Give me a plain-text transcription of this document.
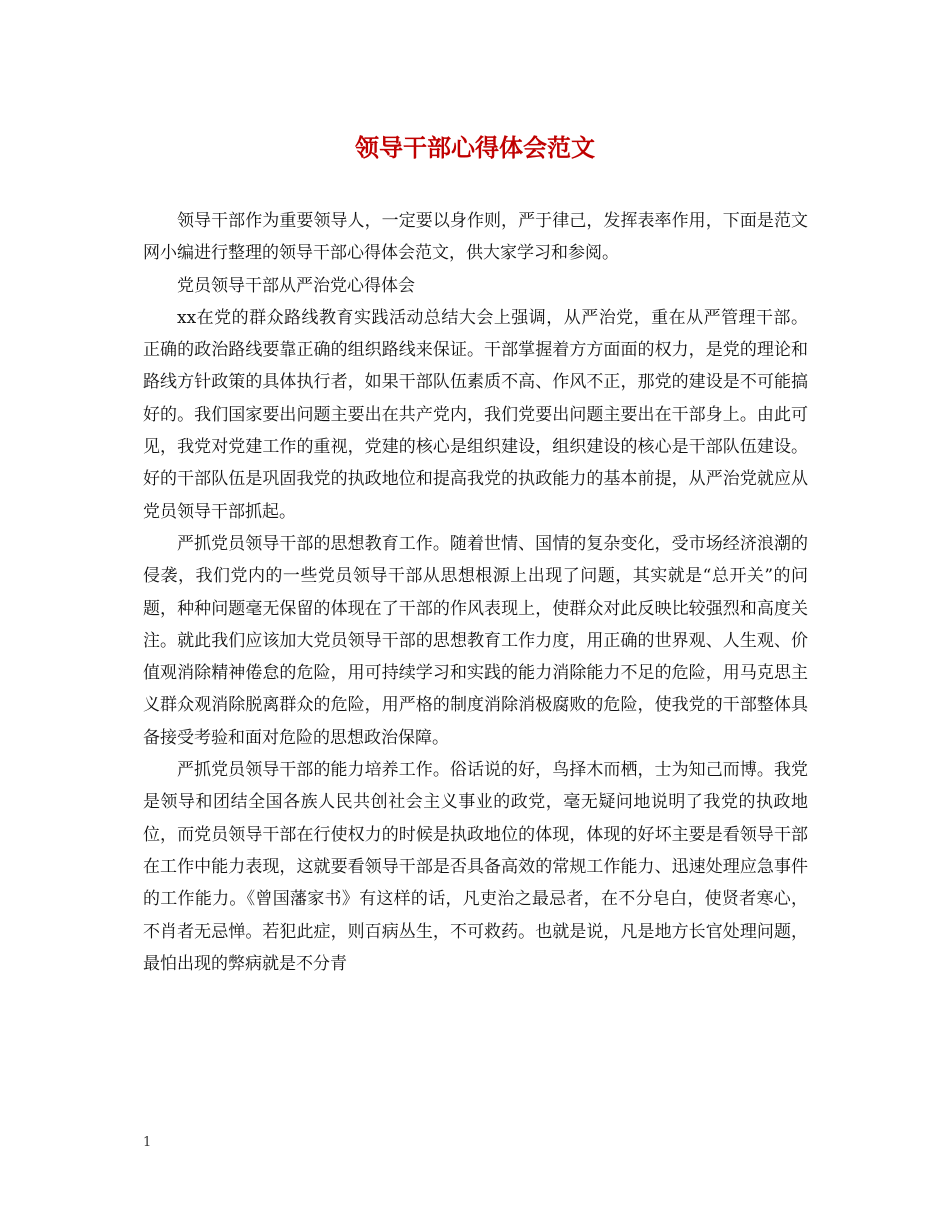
领导干部心得体会范文

领导干部作为重要领导人，一定要以身作则，严于律己，发挥表率作用，下面是范文网小编进行整理的领导干部心得体会范文，供大家学习和参阅。

党员领导干部从严治党心得体会

xx在党的群众路线教育实践活动总结大会上强调，从严治党，重在从严管理干部。正确的政治路线要靠正确的组织路线来保证。干部掌握着方方面面的权力，是党的理论和路线方针政策的具体执行者，如果干部队伍素质不高、作风不正，那党的建设是不可能搞好的。我们国家要出问题主要出在共产党内，我们党要出问题主要出在干部身上。由此可见，我党对党建工作的重视，党建的核心是组织建设，组织建设的核心是干部队伍建设。好的干部队伍是巩固我党的执政地位和提高我党的执政能力的基本前提，从严治党就应从党员领导干部抓起。

严抓党员领导干部的思想教育工作。随着世情、国情的复杂变化，受市场经济浪潮的侵袭，我们党内的一些党员领导干部从思想根源上出现了问题，其实就是“总开关”的问题，种种问题毫无保留的体现在了干部的作风表现上，使群众对此反映比较强烈和高度关注。就此我们应该加大党员领导干部的思想教育工作力度，用正确的世界观、人生观、价值观消除精神倦怠的危险，用可持续学习和实践的能力消除能力不足的危险，用马克思主义群众观消除脱离群众的危险，用严格的制度消除消极腐败的危险，使我党的干部整体具备接受考验和面对危险的思想政治保障。

严抓党员领导干部的能力培养工作。俗话说的好，鸟择木而栖，士为知己而博。我党是领导和团结全国各族人民共创社会主义事业的政党，毫无疑问地说明了我党的执政地位，而党员领导干部在行使权力的时候是执政地位的体现，体现的好坏主要是看领导干部在工作中能力表现，这就要看领导干部是否具备高效的常规工作能力、迅速处理应急事件的工作能力。《曾国藩家书》有这样的话，凡吏治之最忌者，在不分皂白，使贤者寒心，不肖者无忌惮。若犯此症，则百病丛生，不可救药。也就是说，凡是地方长官处理问题，最怕出现的弊病就是不分青

1
